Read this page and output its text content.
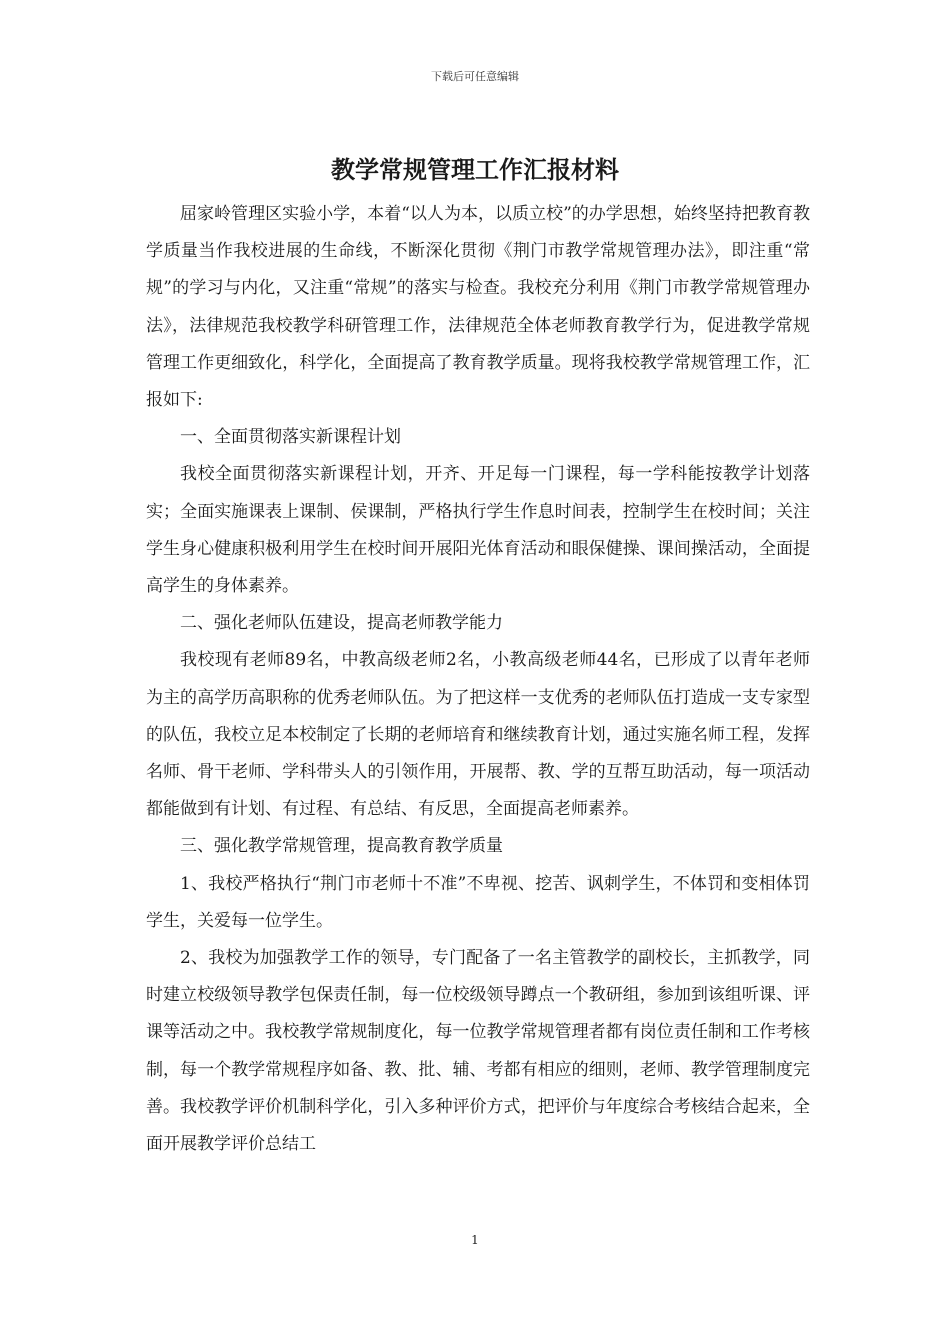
下载后可任意编辑
教学常规管理工作汇报材料

屈家岭管理区实验小学，本着“以人为本，以质立校”的办学思想，始终坚持把教育教学质量当作我校进展的生命线，不断深化贯彻《荆门市教学常规管理办法》，即注重“常规”的学习与内化，又注重“常规”的落实与检查。我校充分利用《荆门市教学常规管理办法》，法律规范我校教学科研管理工作，法律规范全体老师教育教学行为，促进教学常规管理工作更细致化，科学化，全面提高了教育教学质量。现将我校教学常规管理工作，汇报如下:

一、全面贯彻落实新课程计划

我校全面贯彻落实新课程计划，开齐、开足每一门课程，每一学科能按教学计划落实；全面实施课表上课制、侯课制，严格执行学生作息时间表，控制学生在校时间；关注学生身心健康积极利用学生在校时间开展阳光体育活动和眼保健操、课间操活动，全面提高学生的身体素养。

二、强化老师队伍建设，提高老师教学能力

我校现有老师89名，中教高级老师2名，小教高级老师44名，已形成了以青年老师为主的高学历高职称的优秀老师队伍。为了把这样一支优秀的老师队伍打造成一支专家型的队伍，我校立足本校制定了长期的老师培育和继续教育计划，通过实施名师工程，发挥名师、骨干老师、学科带头人的引领作用，开展帮、教、学的互帮互助活动，每一项活动都能做到有计划、有过程、有总结、有反思，全面提高老师素养。

三、强化教学常规管理，提高教育教学质量

1、我校严格执行“荆门市老师十不准”不卑视、挖苦、讽刺学生，不体罚和变相体罚学生，关爱每一位学生。

2、我校为加强教学工作的领导，专门配备了一名主管教学的副校长，主抓教学，同时建立校级领导教学包保责任制，每一位校级领导蹲点一个教研组，参加到该组听课、评课等活动之中。我校教学常规制度化，每一位教学常规管理者都有岗位责任制和工作考核制，每一个教学常规程序如备、教、批、辅、考都有相应的细则，老师、教学管理制度完善。我校教学评价机制科学化，引入多种评价方式，把评价与年度综合考核结合起来，全面开展教学评价总结工

1
